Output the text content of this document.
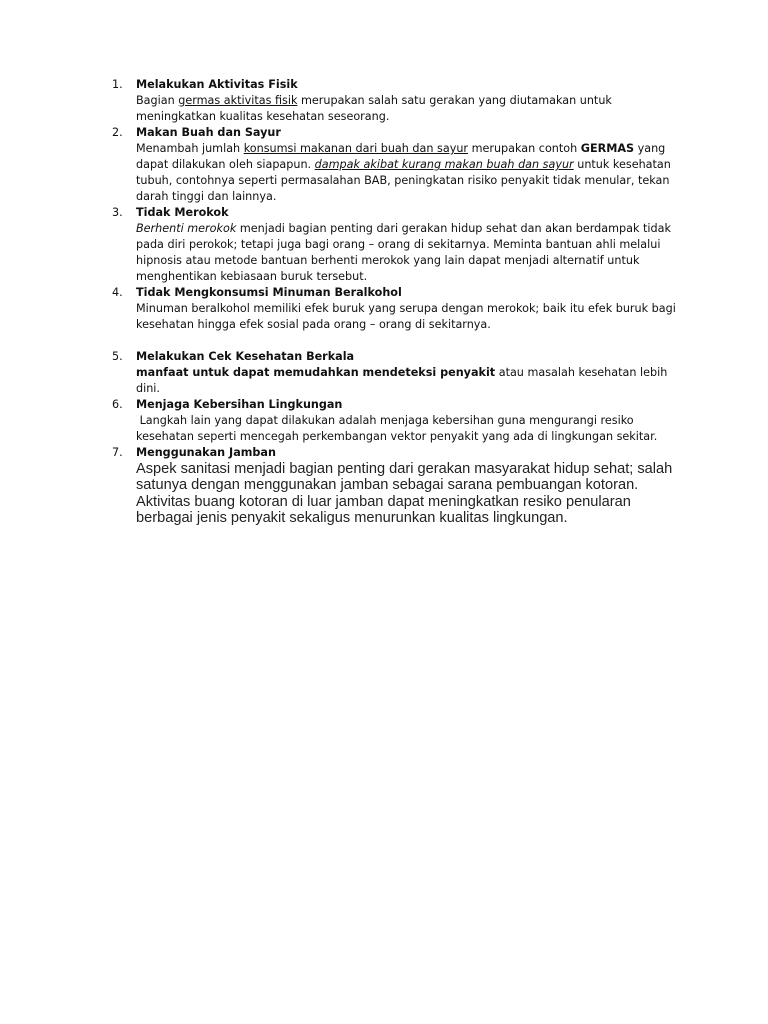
1.	Melakukan Aktivitas Fisik
Bagian germas aktivitas fisik merupakan salah satu gerakan yang diutamakan untuk meningkatkan kualitas kesehatan seseorang.
2.	Makan Buah dan Sayur
Menambah jumlah konsumsi makanan dari buah dan sayur merupakan contoh GERMAS yang dapat dilakukan oleh siapapun. dampak akibat kurang makan buah dan sayur untuk kesehatan tubuh, contohnya seperti permasalahan BAB, peningkatan risiko penyakit tidak menular, tekan darah tinggi dan lainnya.
3.	Tidak Merokok
Berhenti merokok menjadi bagian penting dari gerakan hidup sehat dan akan berdampak tidak pada diri perokok; tetapi juga bagi orang – orang di sekitarnya. Meminta bantuan ahli melalui hipnosis atau metode bantuan berhenti merokok yang lain dapat menjadi alternatif untuk menghentikan kebiasaan buruk tersebut.
4.	Tidak Mengkonsumsi Minuman Beralkohol
Minuman beralkohol memiliki efek buruk yang serupa dengan merokok; baik itu efek buruk bagi kesehatan hingga efek sosial pada orang – orang di sekitarnya.
5.	Melakukan Cek Kesehatan Berkala
manfaat untuk dapat memudahkan mendeteksi penyakit atau masalah kesehatan lebih dini.
6.	Menjaga Kebersihan Lingkungan
Langkah lain yang dapat dilakukan adalah menjaga kebersihan guna mengurangi resiko kesehatan seperti mencegah perkembangan vektor penyakit yang ada di lingkungan sekitar.
7.	Menggunakan Jamban
Aspek sanitasi menjadi bagian penting dari gerakan masyarakat hidup sehat; salah satunya dengan menggunakan jamban sebagai sarana pembuangan kotoran. Aktivitas buang kotoran di luar jamban dapat meningkatkan resiko penularan berbagai jenis penyakit sekaligus menurunkan kualitas lingkungan.
